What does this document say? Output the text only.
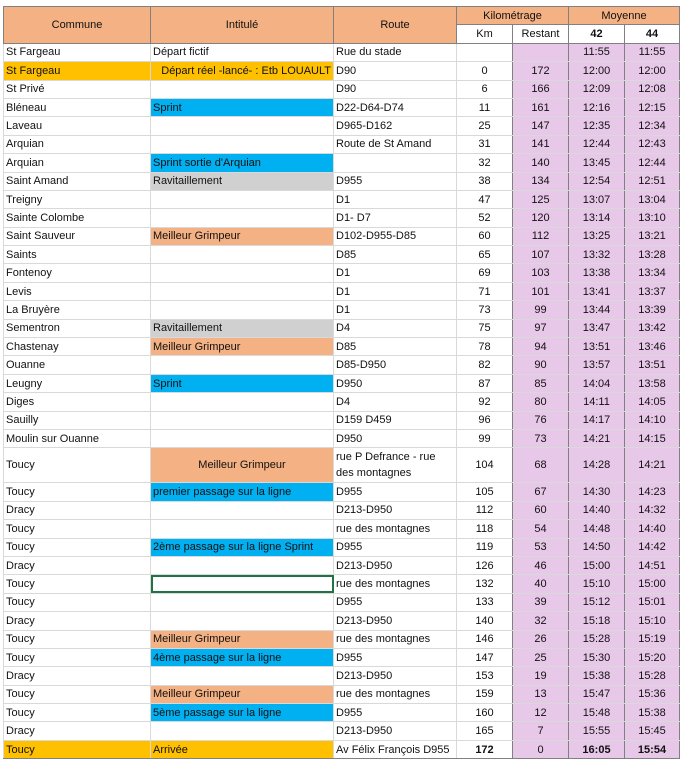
Commune	Intitulé	Route	Kilométrage		Moyenne	
			Km	Restant	42	44
St Fargeau	Départ fictif	Rue du stade			11:55	11:55
St Fargeau	Départ réel -lancé- : Etb LOUAULT	D90	0	172	12:00	12:00
St Privé		D90	6	166	12:09	12:08
Bléneau	Sprint	D22-D64-D74	11	161	12:16	12:15
Laveau		D965-D162	25	147	12:35	12:34
Arquian		Route de St Amand	31	141	12:44	12:43
Arquian	Sprint sortie d'Arquian		32	140	13:45	12:44
Saint Amand	Ravitaillement	D955	38	134	12:54	12:51
Treigny		D1	47	125	13:07	13:04
Sainte Colombe		D1- D7	52	120	13:14	13:10
Saint Sauveur	Meilleur Grimpeur	D102-D955-D85	60	112	13:25	13:21
Saints		D85	65	107	13:32	13:28
Fontenoy		D1	69	103	13:38	13:34
Levis		D1	71	101	13:41	13:37
La Bruyère		D1	73	99	13:44	13:39
Sementron	Ravitaillement	D4	75	97	13:47	13:42
Chastenay	Meilleur Grimpeur	D85	78	94	13:51	13:46
Ouanne		D85-D950	82	90	13:57	13:51
Leugny	Sprint	D950	87	85	14:04	13:58
Diges		D4	92	80	14:11	14:05
Sauilly		D159 D459	96	76	14:17	14:10
Moulin sur Ouanne		D950	99	73	14:21	14:15
Toucy	Meilleur Grimpeur	rue P Defrance - rue des montagnes	104	68	14:28	14:21
Toucy	premier passage sur la ligne	D955	105	67	14:30	14:23
Dracy		D213-D950	112	60	14:40	14:32
Toucy		rue des montagnes	118	54	14:48	14:40
Toucy	2ème passage sur la ligne Sprint	D955	119	53	14:50	14:42
Dracy		D213-D950	126	46	15:00	14:51
Toucy		rue des montagnes	132	40	15:10	15:00
Toucy		D955	133	39	15:12	15:01
Dracy		D213-D950	140	32	15:18	15:10
Toucy	Meilleur Grimpeur	rue des montagnes	146	26	15:28	15:19
Toucy	4ème passage sur la ligne	D955	147	25	15:30	15:20
Dracy		D213-D950	153	19	15:38	15:28
Toucy	Meilleur Grimpeur	rue des montagnes	159	13	15:47	15:36
Toucy	5ème passage sur la ligne	D955	160	12	15:48	15:38
Dracy		D213-D950	165	7	15:55	15:45
Toucy	Arrivée	Av Félix François D955	172	0	16:05	15:54
